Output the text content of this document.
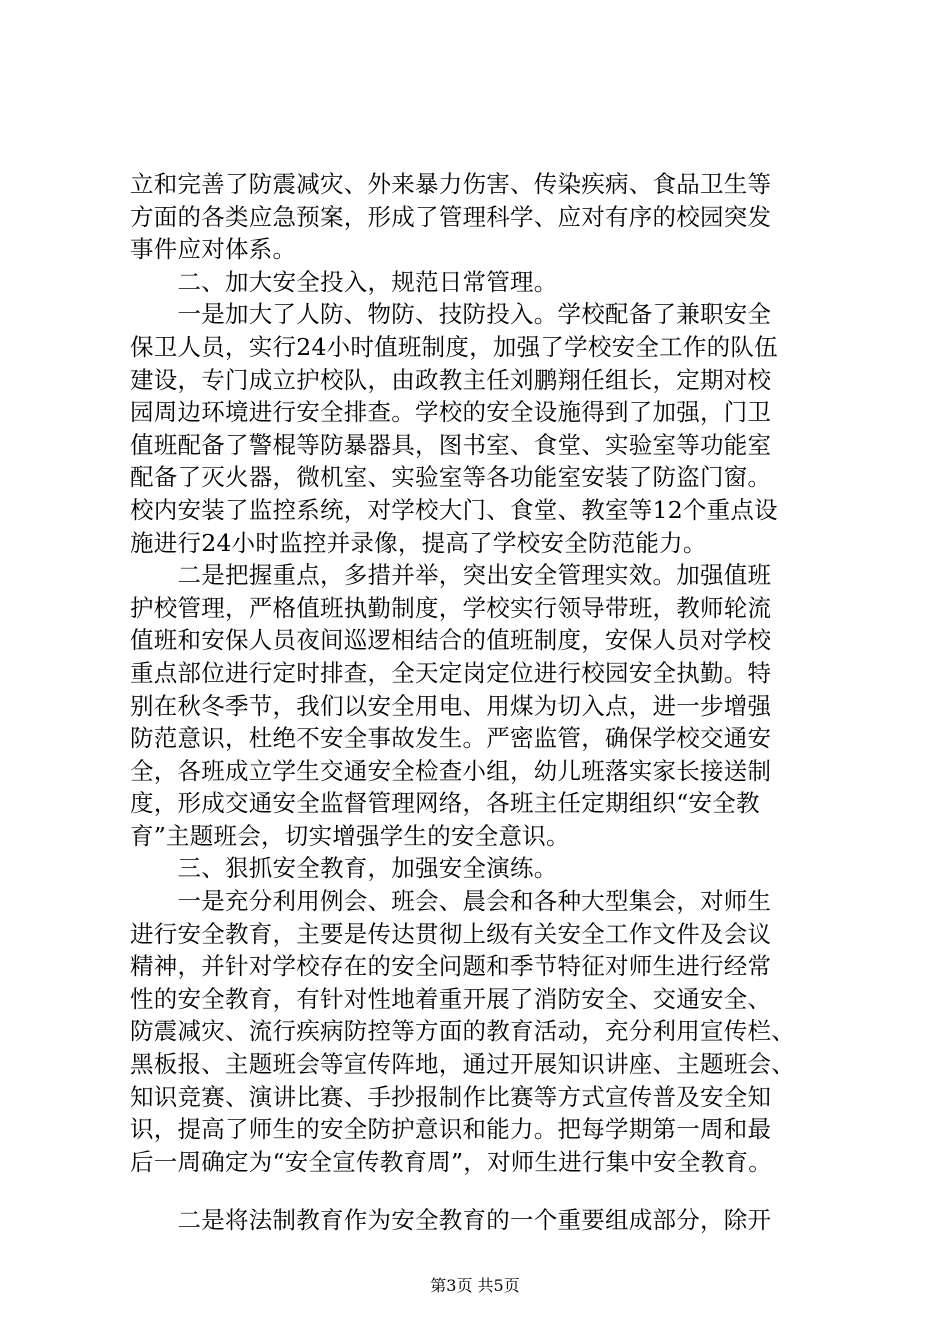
立和完善了防震减灾、外来暴力伤害、传染疾病、食品卫生等
方面的各类应急预案，形成了管理科学、应对有序的校园突发
事件应对体系。
　　二、加大安全投入，规范日常管理。
　　一是加大了人防、物防、技防投入。学校配备了兼职安全
保卫人员，实行24小时值班制度，加强了学校安全工作的队伍
建设，专门成立护校队，由政教主任刘鹏翔任组长，定期对校
园周边环境进行安全排查。学校的安全设施得到了加强，门卫
值班配备了警棍等防暴器具，图书室、食堂、实验室等功能室
配备了灭火器，微机室、实验室等各功能室安装了防盗门窗。
校内安装了监控系统，对学校大门、食堂、教室等12个重点设
施进行24小时监控并录像，提高了学校安全防范能力。
　　二是把握重点，多措并举，突出安全管理实效。加强值班
护校管理，严格值班执勤制度，学校实行领导带班，教师轮流
值班和安保人员夜间巡逻相结合的值班制度，安保人员对学校
重点部位进行定时排查，全天定岗定位进行校园安全执勤。特
别在秋冬季节，我们以安全用电、用煤为切入点，进一步增强
防范意识，杜绝不安全事故发生。严密监管，确保学校交通安
全，各班成立学生交通安全检查小组，幼儿班落实家长接送制
度，形成交通安全监督管理网络，各班主任定期组织“安全教
育”主题班会，切实增强学生的安全意识。
　　三、狠抓安全教育，加强安全演练。
　　一是充分利用例会、班会、晨会和各种大型集会，对师生
进行安全教育，主要是传达贯彻上级有关安全工作文件及会议
精神，并针对学校存在的安全问题和季节特征对师生进行经常
性的安全教育，有针对性地着重开展了消防安全、交通安全、
防震减灾、流行疾病防控等方面的教育活动，充分利用宣传栏、
黑板报、主题班会等宣传阵地，通过开展知识讲座、主题班会、
知识竞赛、演讲比赛、手抄报制作比赛等方式宣传普及安全知
识，提高了师生的安全防护意识和能力。把每学期第一周和最
后一周确定为“安全宣传教育周”，对师生进行集中安全教育。
　　二是将法制教育作为安全教育的一个重要组成部分，除开
第3页 共5页
